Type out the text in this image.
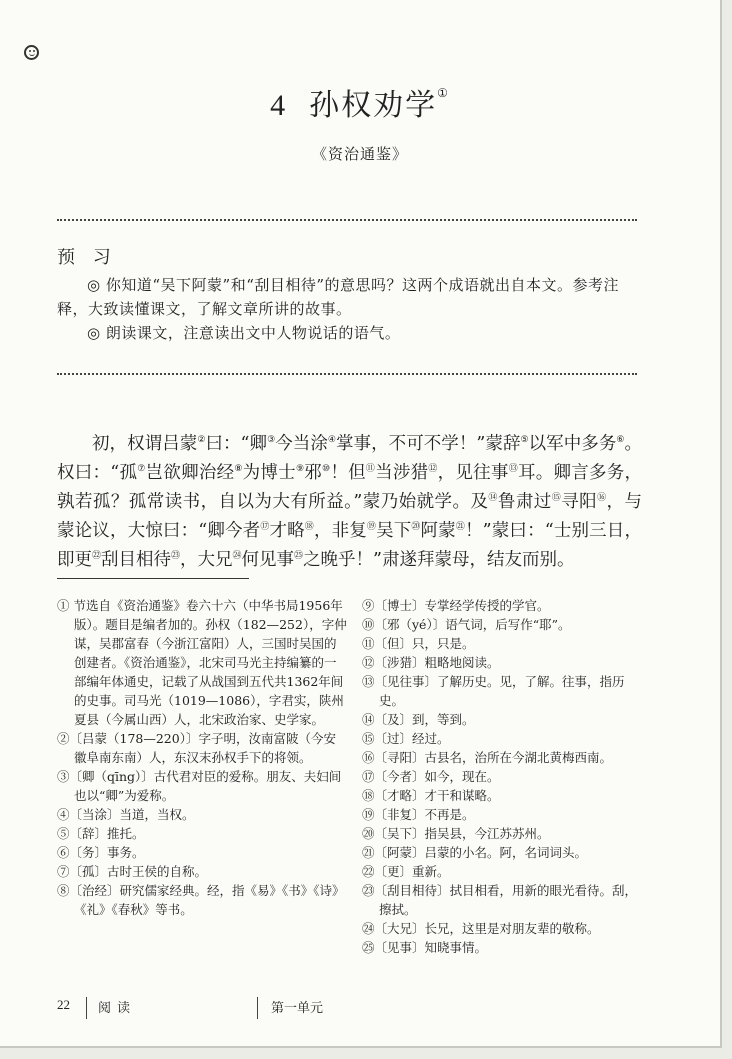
4 孙权劝学①
《资治通鉴》
预 习

◎ 你知道“吴下阿蒙”和“刮目相待”的意思吗？这两个成语就出自本文。参考注释，大致读懂课文，了解文章所讲的故事。

◎ 朗读课文，注意读出文中人物说话的语气。

初，权谓吕蒙②曰：“卿③今当涂④掌事，不可不学！”蒙辞⑤以军中多务⑥。权曰：“孤⑦岂欲卿治经⑧为博士⑨邪⑩！但⑪当涉猎⑫，见往事⑬耳。卿言多务，孰若孤？孤常读书，自以为大有所益。”蒙乃始就学。及⑭鲁肃过⑮寻阳⑯，与蒙论议，大惊曰：“卿今者⑰才略⑱，非复⑲吴下⑳阿蒙$^㉑$！”蒙曰：“士别三日，即更$^㉒$刮目相待$^㉓$，大兄$^㉔$何见事$^㉕$之晚乎！”肃遂拜蒙母，结友而别。
① 节选自《资治通鉴》卷六十六（中华书局1956年版）。题目是编者加的。孙权（182—252），字仲谋，吴郡富春（今浙江富阳）人，三国时吴国的创建者。《资治通鉴》，北宋司马光主持编纂的一部编年体通史，记载了从战国到五代共1362年间的史事。司马光（1019—1086），字君实，陕州夏县（今属山西）人，北宋政治家、史学家。
②〔吕蒙（178—220）〕字子明，汝南富陂（今安徽阜南东南）人，东汉末孙权手下的将领。
③〔卿（qīng）〕古代君对臣的爱称。朋友、夫妇间也以“卿”为爱称。
④〔当涂〕当道，当权。
⑤〔辞〕推托。
⑥〔务〕事务。
⑦〔孤〕古时王侯的自称。
⑧〔治经〕研究儒家经典。经，指《易》《书》《诗》《礼》《春秋》等书。
⑨〔博士〕专掌经学传授的学官。
⑩〔邪（yé）〕语气词，后写作“耶”。
⑪〔但〕只，只是。
⑫〔涉猎〕粗略地阅读。
⑬〔见往事〕了解历史。见，了解。往事，指历史。
⑭〔及〕到，等到。
⑮〔过〕经过。
⑯〔寻阳〕古县名，治所在今湖北黄梅西南。
⑰〔今者〕如今，现在。
⑱〔才略〕才干和谋略。
⑲〔非复〕不再是。
⑳〔吴下〕指吴县，今江苏苏州。
㉑〔阿蒙〕吕蒙的小名。阿，名词词头。
㉒〔更〕重新。
㉓〔刮目相待〕拭目相看，用新的眼光看待。刮，擦拭。
㉔〔大兄〕长兄，这里是对朋友辈的敬称。
㉕〔见事〕知晓事情。
22 阅读	第一单元
